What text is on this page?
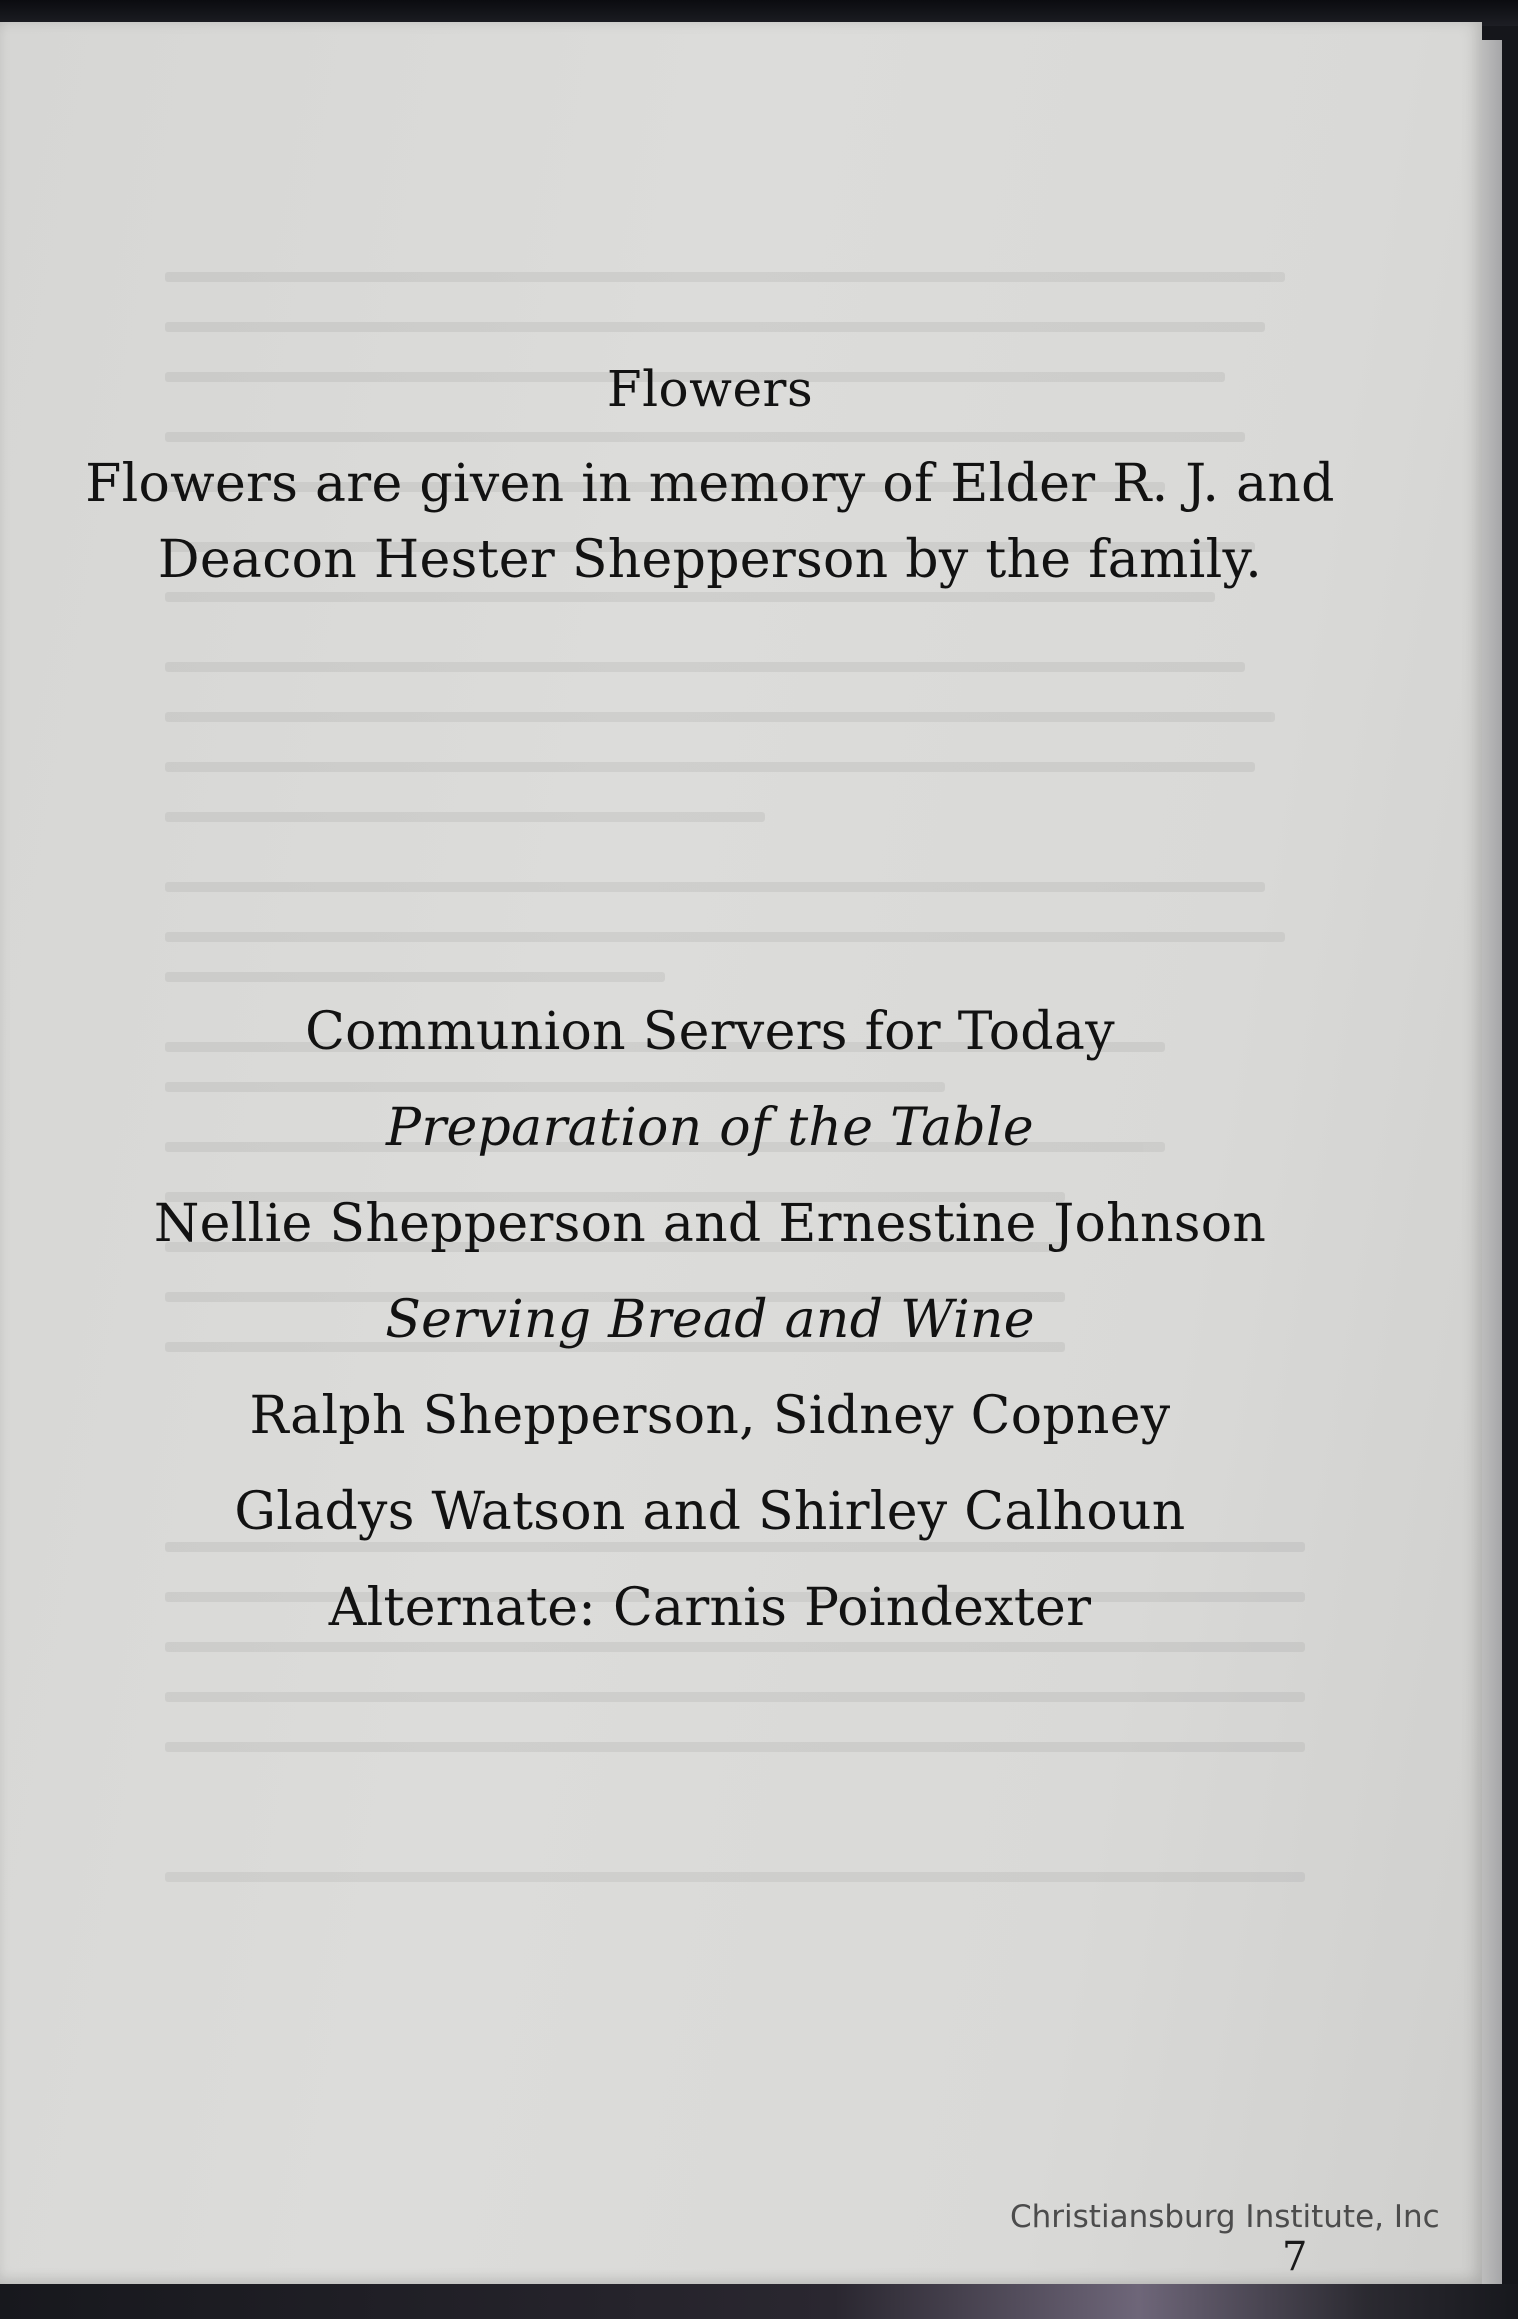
Flowers
Flowers are given in memory of Elder R. J. and
Deacon Hester Shepperson by the family.
Communion Servers for Today
Preparation of the Table
Nellie Shepperson and Ernestine Johnson
Serving Bread and Wine
Ralph Shepperson, Sidney Copney
Gladys Watson and Shirley Calhoun
Alternate: Carnis Poindexter
7
Christiansburg Institute, Inc
